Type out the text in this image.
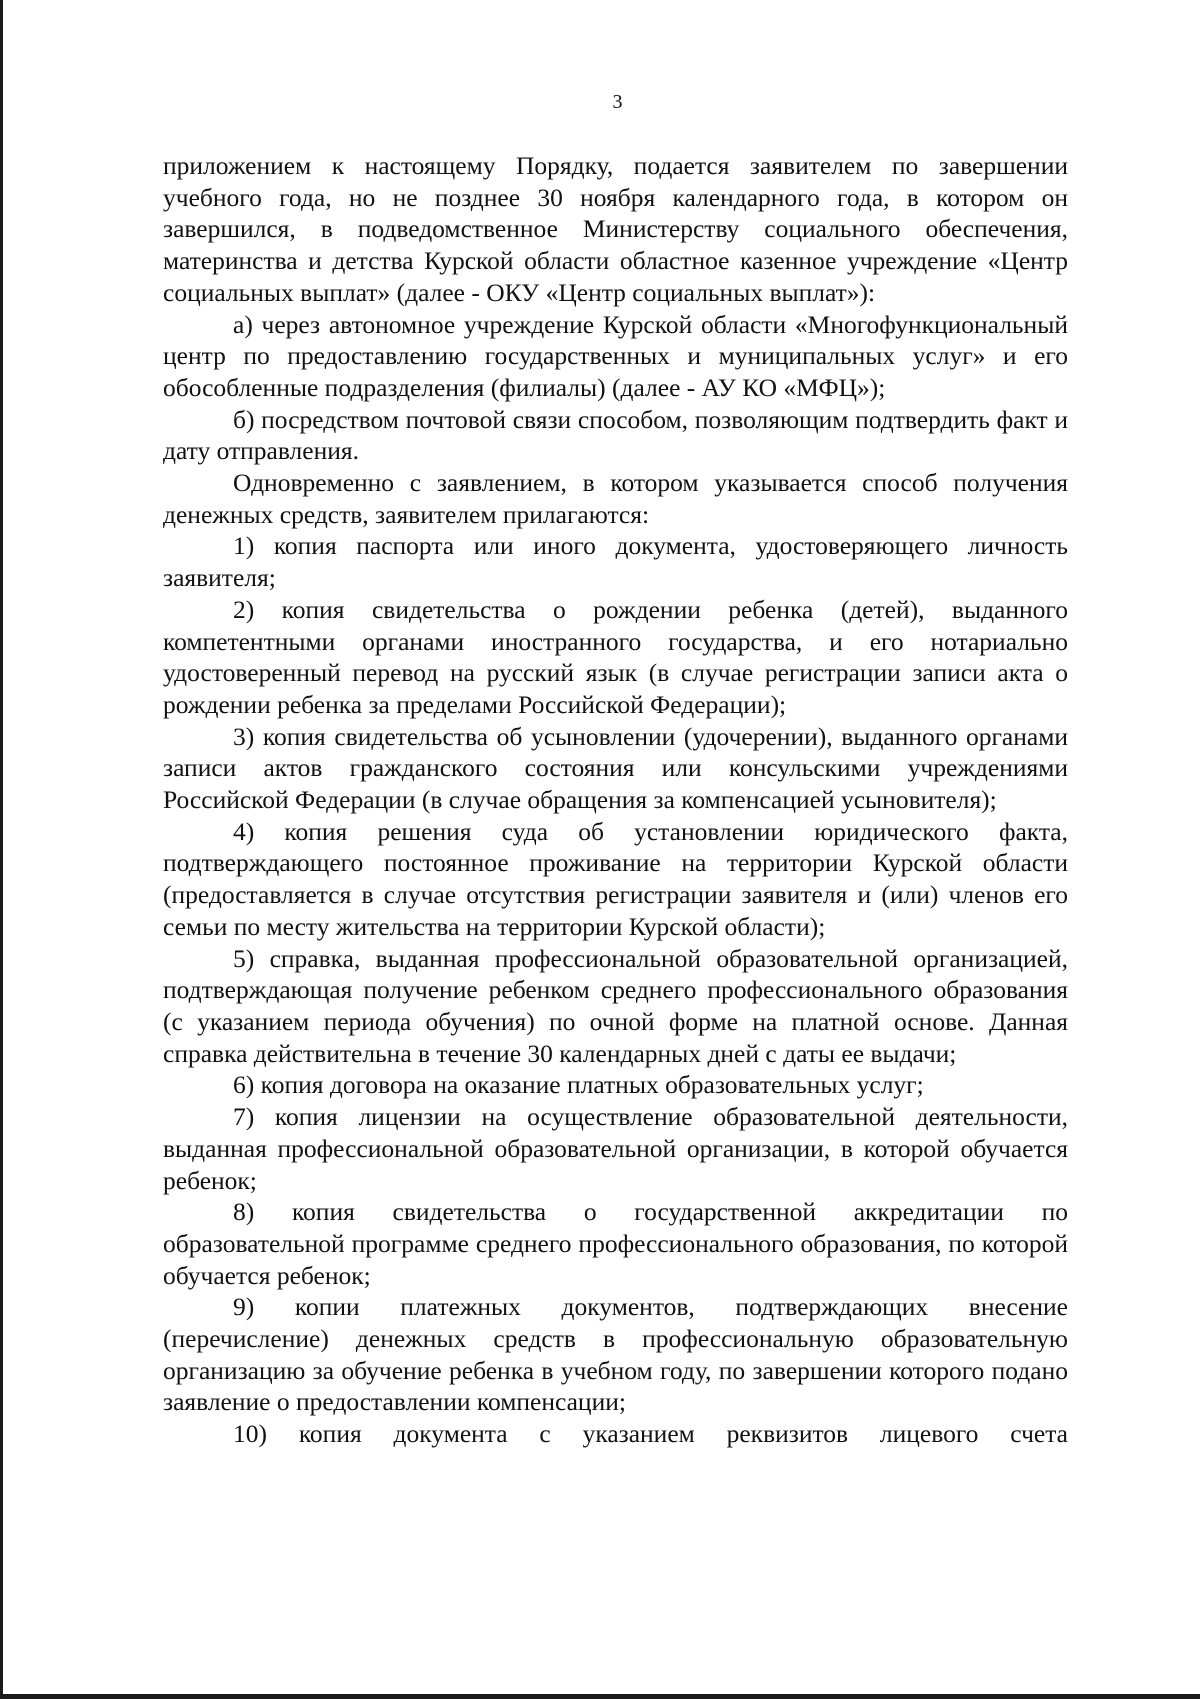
3

приложением к настоящему Порядку, подается заявителем по завершении учебного года, но не позднее 30 ноября календарного года, в котором он завершился, в подведомственное Министерству социального обеспечения, материнства и детства Курской области областное казенное учреждение «Центр социальных выплат» (далее - ОКУ «Центр социальных выплат»):

а) через автономное учреждение Курской области «Многофункциональный центр по предоставлению государственных и муниципальных услуг» и его обособленные подразделения (филиалы) (далее - АУ КО «МФЦ»);

б) посредством почтовой связи способом, позволяющим подтвердить факт и дату отправления.

Одновременно с заявлением, в котором указывается способ получения денежных средств, заявителем прилагаются:

1) копия паспорта или иного документа, удостоверяющего личность заявителя;

2) копия свидетельства о рождении ребенка (детей), выданного компетентными органами иностранного государства, и его нотариально удостоверенный перевод на русский язык (в случае регистрации записи акта о рождении ребенка за пределами Российской Федерации);

3) копия свидетельства об усыновлении (удочерении), выданного органами записи актов гражданского состояния или консульскими учреждениями Российской Федерации (в случае обращения за компенсацией усыновителя);

4) копия решения суда об установлении юридического факта, подтверждающего постоянное проживание на территории Курской области (предоставляется в случае отсутствия регистрации заявителя и (или) членов его семьи по месту жительства на территории Курской области);

5) справка, выданная профессиональной образовательной организацией, подтверждающая получение ребенком среднего профессионального образования (с указанием периода обучения) по очной форме на платной основе. Данная справка действительна в течение 30 календарных дней с даты ее выдачи;

6) копия договора на оказание платных образовательных услуг;

7) копия лицензии на осуществление образовательной деятельности, выданная профессиональной образовательной организации, в которой обучается ребенок;

8) копия свидетельства о государственной аккредитации по образовательной программе среднего профессионального образования, по которой обучается ребенок;

9) копии платежных документов, подтверждающих внесение (перечисление) денежных средств в профессиональную образовательную организацию за обучение ребенка в учебном году, по завершении которого подано заявление о предоставлении компенсации;

10) копия документа с указанием реквизитов лицевого счета
